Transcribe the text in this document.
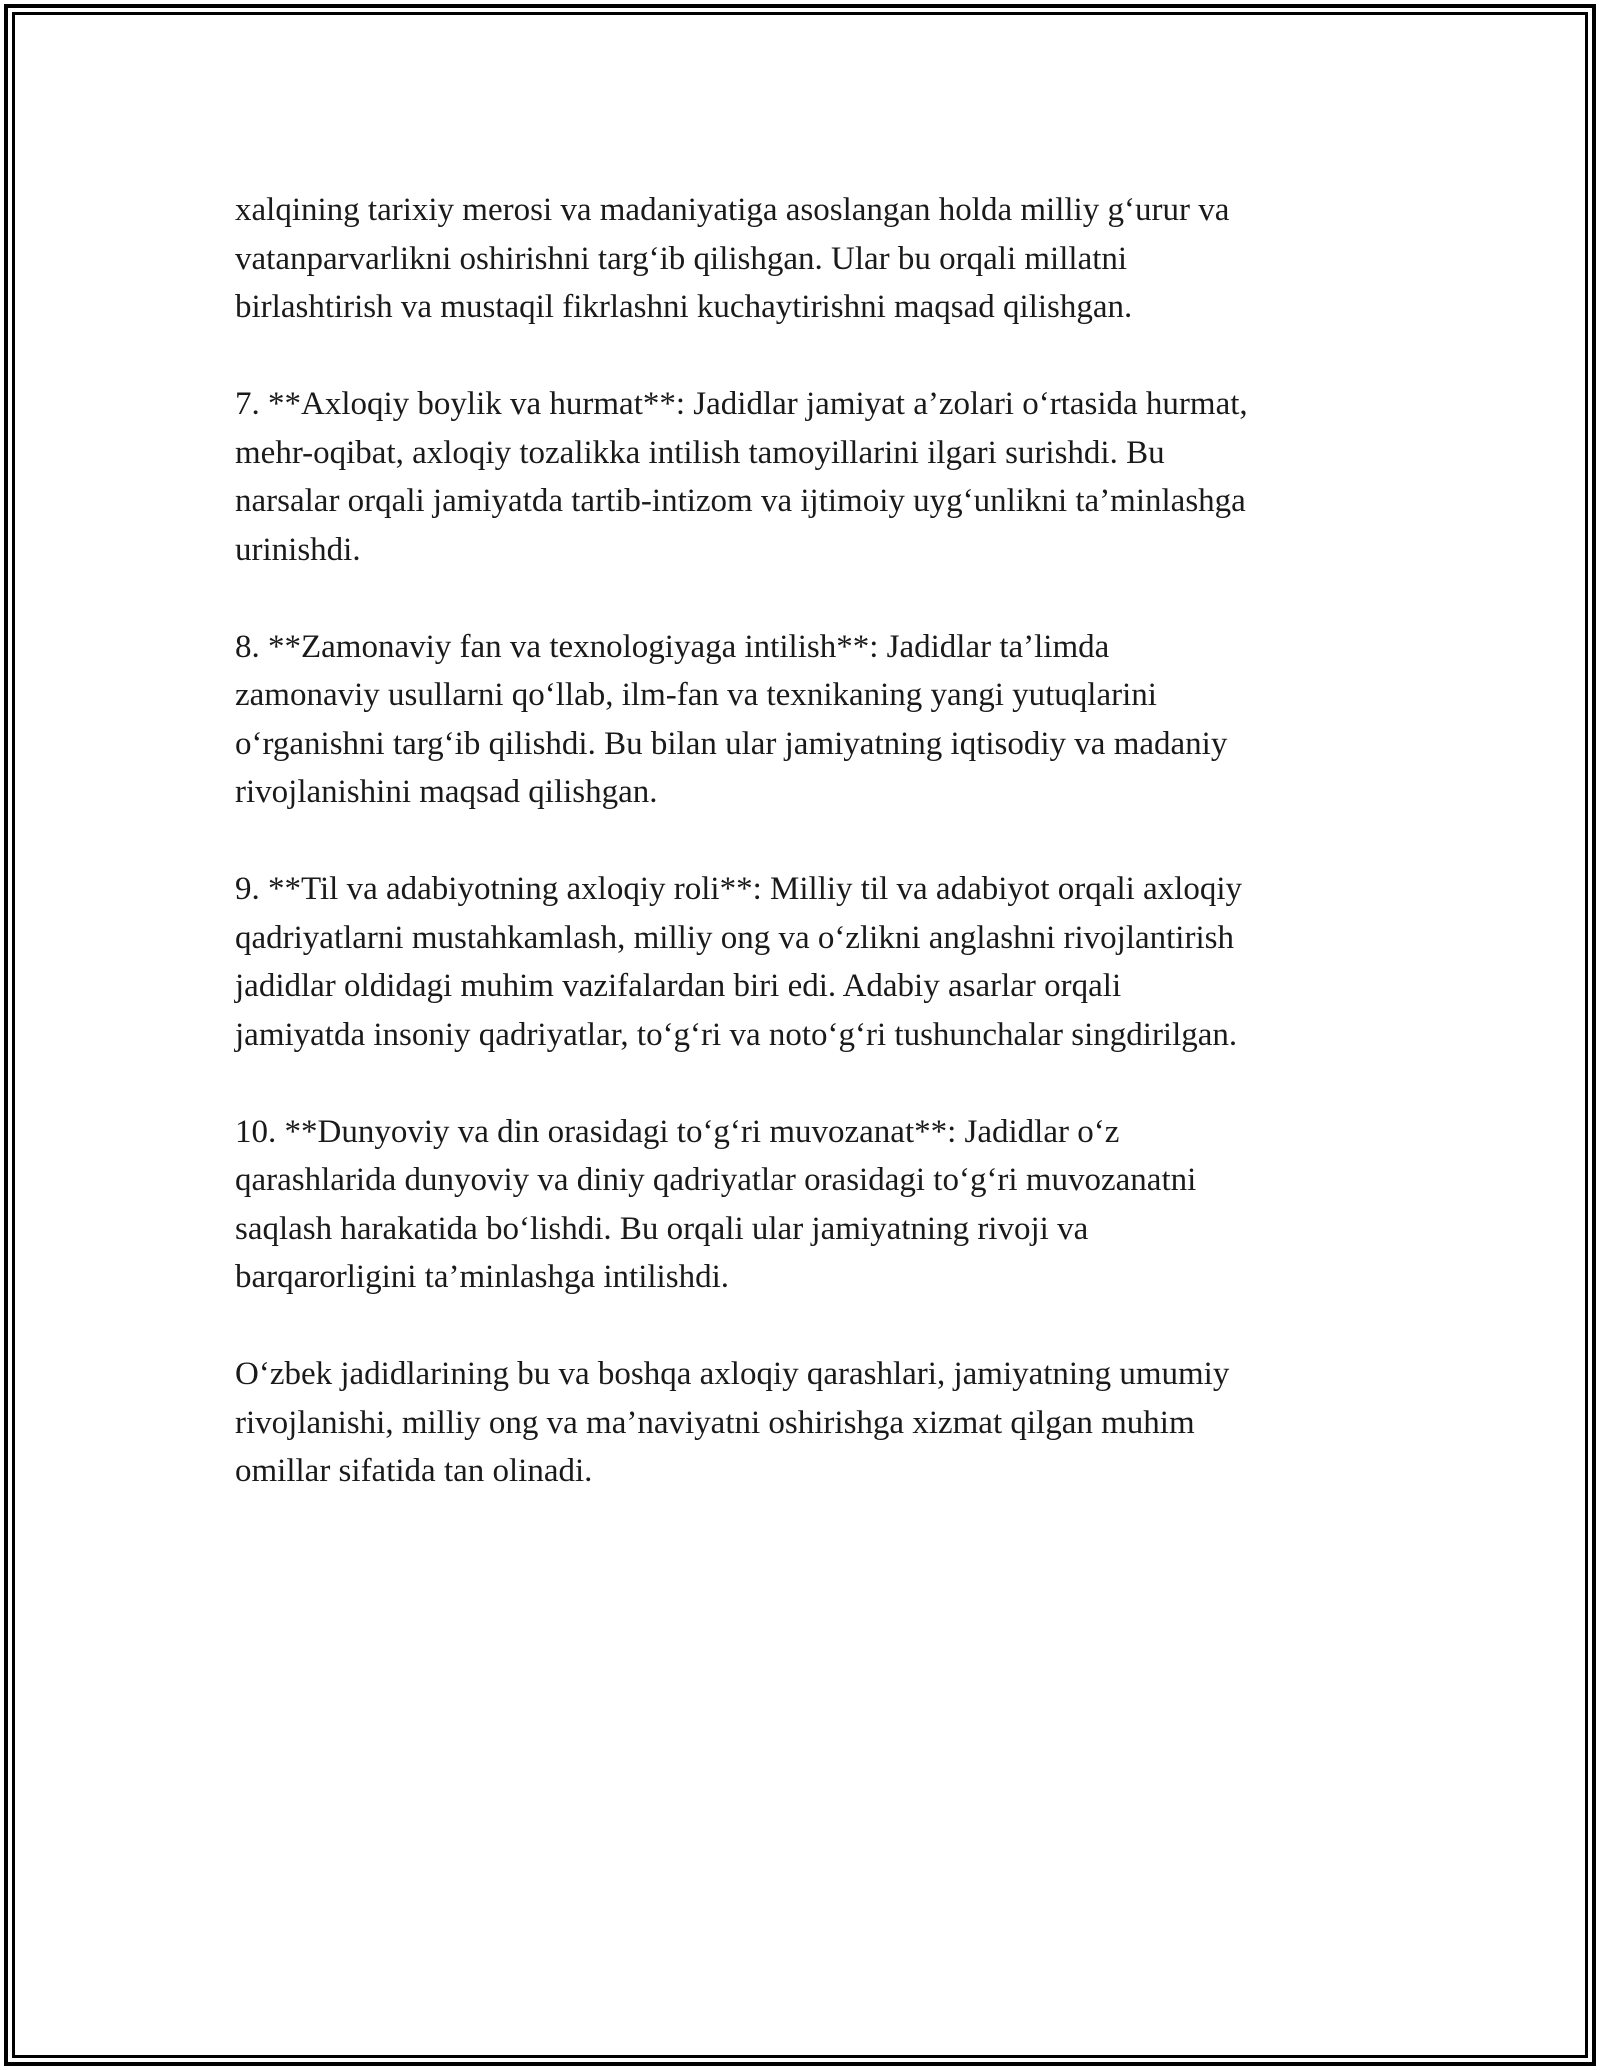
xalqining tarixiy merosi va madaniyatiga asoslangan holda milliy g‘urur va
vatanparvarlikni oshirishni targ‘ib qilishgan. Ular bu orqali millatni
birlashtirish va mustaqil fikrlashni kuchaytirishni maqsad qilishgan.

7. **Axloqiy boylik va hurmat**: Jadidlar jamiyat a’zolari o‘rtasida hurmat,
mehr-oqibat, axloqiy tozalikka intilish tamoyillarini ilgari surishdi. Bu
narsalar orqali jamiyatda tartib-intizom va ijtimoiy uyg‘unlikni ta’minlashga
urinishdi.

8. **Zamonaviy fan va texnologiyaga intilish**: Jadidlar ta’limda
zamonaviy usullarni qo‘llab, ilm-fan va texnikaning yangi yutuqlarini
o‘rganishni targ‘ib qilishdi. Bu bilan ular jamiyatning iqtisodiy va madaniy
rivojlanishini maqsad qilishgan.

9. **Til va adabiyotning axloqiy roli**: Milliy til va adabiyot orqali axloqiy
qadriyatlarni mustahkamlash, milliy ong va o‘zlikni anglashni rivojlantirish
jadidlar oldidagi muhim vazifalardan biri edi. Adabiy asarlar orqali
jamiyatda insoniy qadriyatlar, to‘g‘ri va noto‘g‘ri tushunchalar singdirilgan.

10. **Dunyoviy va din orasidagi to‘g‘ri muvozanat**: Jadidlar o‘z
qarashlarida dunyoviy va diniy qadriyatlar orasidagi to‘g‘ri muvozanatni
saqlash harakatida bo‘lishdi. Bu orqali ular jamiyatning rivoji va
barqarorligini ta’minlashga intilishdi.

O‘zbek jadidlarining bu va boshqa axloqiy qarashlari, jamiyatning umumiy
rivojlanishi, milliy ong va ma’naviyatni oshirishga xizmat qilgan muhim
omillar sifatida tan olinadi.
